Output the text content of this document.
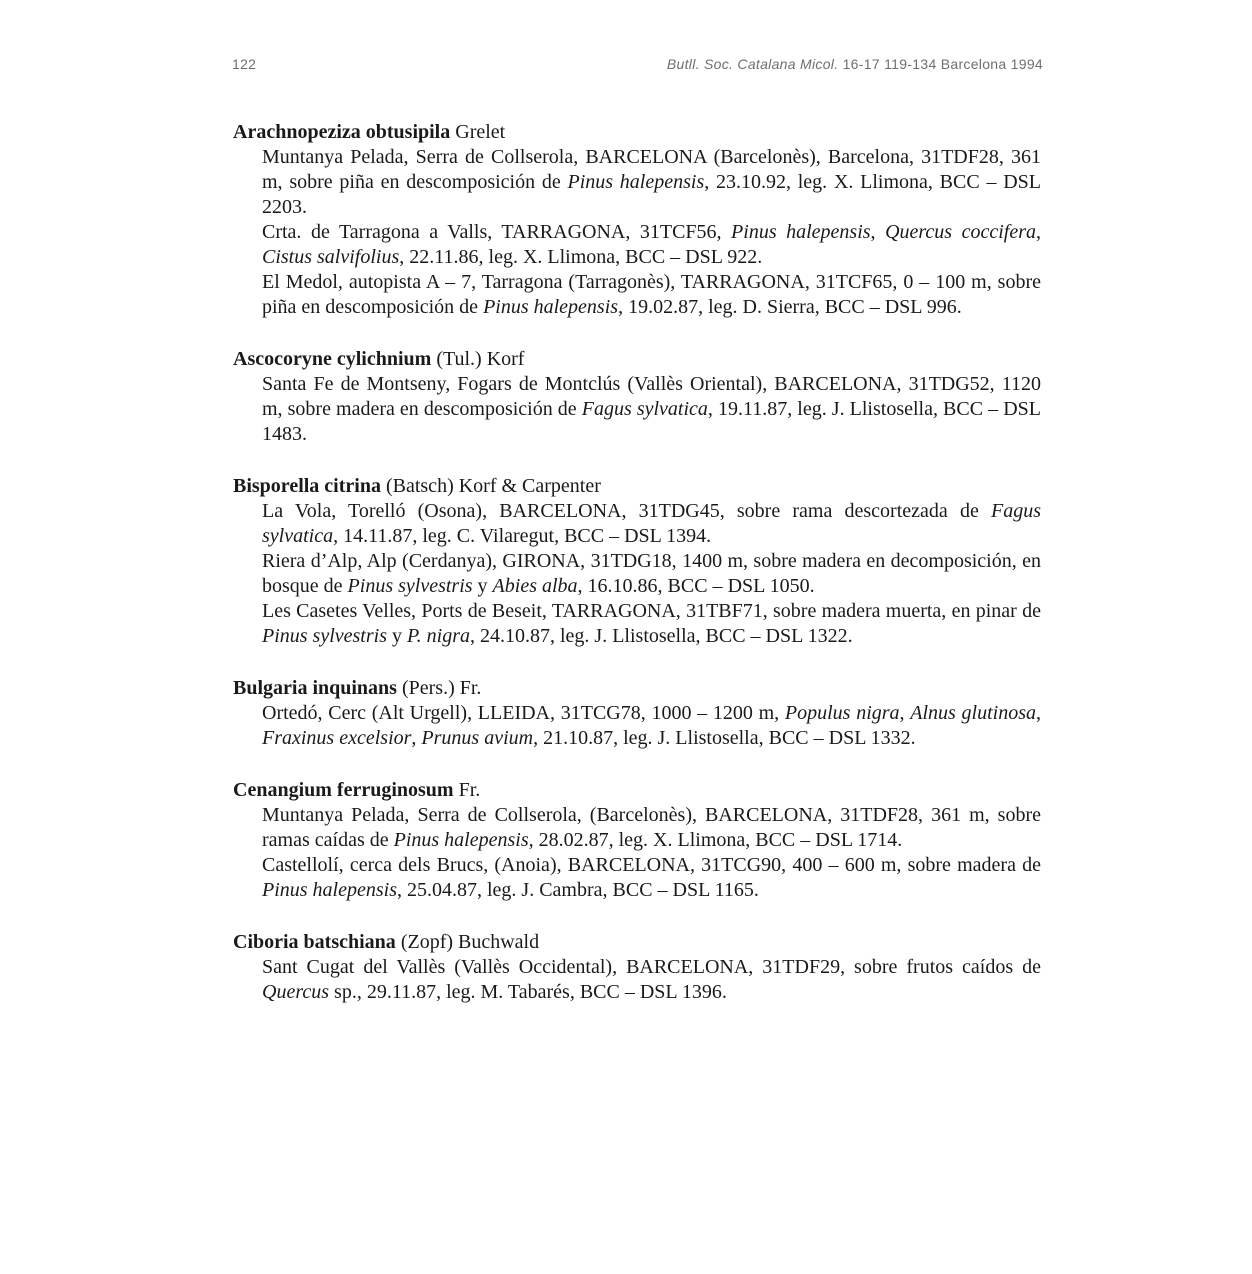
122	Butll. Soc. Catalana Micol. 16-17 119-134 Barcelona 1994
Arachnopeziza obtusipila Grelet
Muntanya Pelada, Serra de Collserola, BARCELONA (Barcelonès), Barcelona, 31TDF28, 361 m, sobre piña en descomposición de Pinus halepensis, 23.10.92, leg. X. Llimona, BCC – DSL 2203.
Crta. de Tarragona a Valls, TARRAGONA, 31TCF56, Pinus halepensis, Quercus coccifera, Cistus salvifolius, 22.11.86, leg. X. Llimona, BCC – DSL 922.
El Medol, autopista A – 7, Tarragona (Tarragonès), TARRAGONA, 31TCF65, 0 – 100 m, sobre piña en descomposición de Pinus halepensis, 19.02.87, leg. D. Sierra, BCC – DSL 996.
Ascocoryne cylichnium (Tul.) Korf
Santa Fe de Montseny, Fogars de Montclús (Vallès Oriental), BARCELONA, 31TDG52, 1120 m, sobre madera en descomposición de Fagus sylvatica, 19.11.87, leg. J. Llistosella, BCC – DSL 1483.
Bisporella citrina (Batsch) Korf & Carpenter
La Vola, Torelló (Osona), BARCELONA, 31TDG45, sobre rama descortezada de Fagus sylvatica, 14.11.87, leg. C. Vilaregut, BCC – DSL 1394.
Riera d’Alp, Alp (Cerdanya), GIRONA, 31TDG18, 1400 m, sobre madera en decomposición, en bosque de Pinus sylvestris y Abies alba, 16.10.86, BCC – DSL 1050.
Les Casetes Velles, Ports de Beseit, TARRAGONA, 31TBF71, sobre madera muerta, en pinar de Pinus sylvestris y P. nigra, 24.10.87, leg. J. Llistosella, BCC – DSL 1322.
Bulgaria inquinans (Pers.) Fr.
Ortedó, Cerc (Alt Urgell), LLEIDA, 31TCG78, 1000 – 1200 m, Populus nigra, Alnus glutinosa, Fraxinus excelsior, Prunus avium, 21.10.87, leg. J. Llistosella, BCC – DSL 1332.
Cenangium ferruginosum Fr.
Muntanya Pelada, Serra de Collserola, (Barcelonès), BARCELONA, 31TDF28, 361 m, sobre ramas caídas de Pinus halepensis, 28.02.87, leg. X. Llimona, BCC – DSL 1714.
Castellolí, cerca dels Brucs, (Anoia), BARCELONA, 31TCG90, 400 – 600 m, sobre madera de Pinus halepensis, 25.04.87, leg. J. Cambra, BCC – DSL 1165.
Ciboria batschiana (Zopf) Buchwald
Sant Cugat del Vallès (Vallès Occidental), BARCELONA, 31TDF29, sobre frutos caídos de Quercus sp., 29.11.87, leg. M. Tabarés, BCC – DSL 1396.
